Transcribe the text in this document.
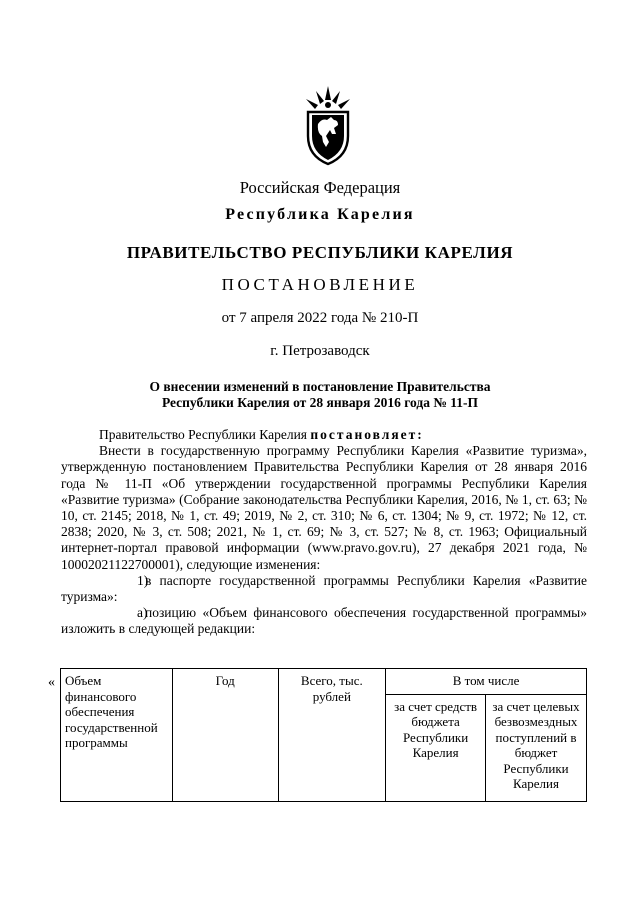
Российская Федерация
Республика Карелия
ПРАВИТЕЛЬСТВО РЕСПУБЛИКИ КАРЕЛИЯ
ПОСТАНОВЛЕНИЕ
от 7 апреля 2022 года № 210-П
г. Петрозаводск
О внесении изменений в постановление Правительства
Республики Карелия от 28 января 2016 года № 11-П

Правительство Республики Карелия постановляет:

Внести в государственную программу Республики Карелия «Развитие туризма», утвержденную постановлением Правительства Республики Карелия от 28 января 2016 года № 11-П «Об утверждении государственной программы Республики Карелия «Развитие туризма» (Собрание законодательства Республики Карелия, 2016, № 1, ст. 63; № 10, ст. 2145; 2018, № 1, ст. 49; 2019, № 2, ст. 310; № 6, ст. 1304; № 9, ст. 1972; № 12, ст. 2838; 2020, № 3, ст. 508; 2021, № 1, ст. 69; № 3, ст. 527; № 8, ст. 1963; Официальный интернет-портал правовой информации (www.pravo.gov.ru), 27 декабря 2021 года, № 10002021122700001), следующие изменения:

1)в паспорте государственной программы Республики Карелия «Развитие туризма»:

а)позицию «Объем финансового обеспечения государственной программы» изложить в следующей редакции:

« Объем финансового обеспечения государственной программы	Год	Всего, тыс. рублей	В том числе	
			за счет средств бюджета Республики Карелия	за счет целевых безвозмездных поступлений в бюджет Республики Карелия
